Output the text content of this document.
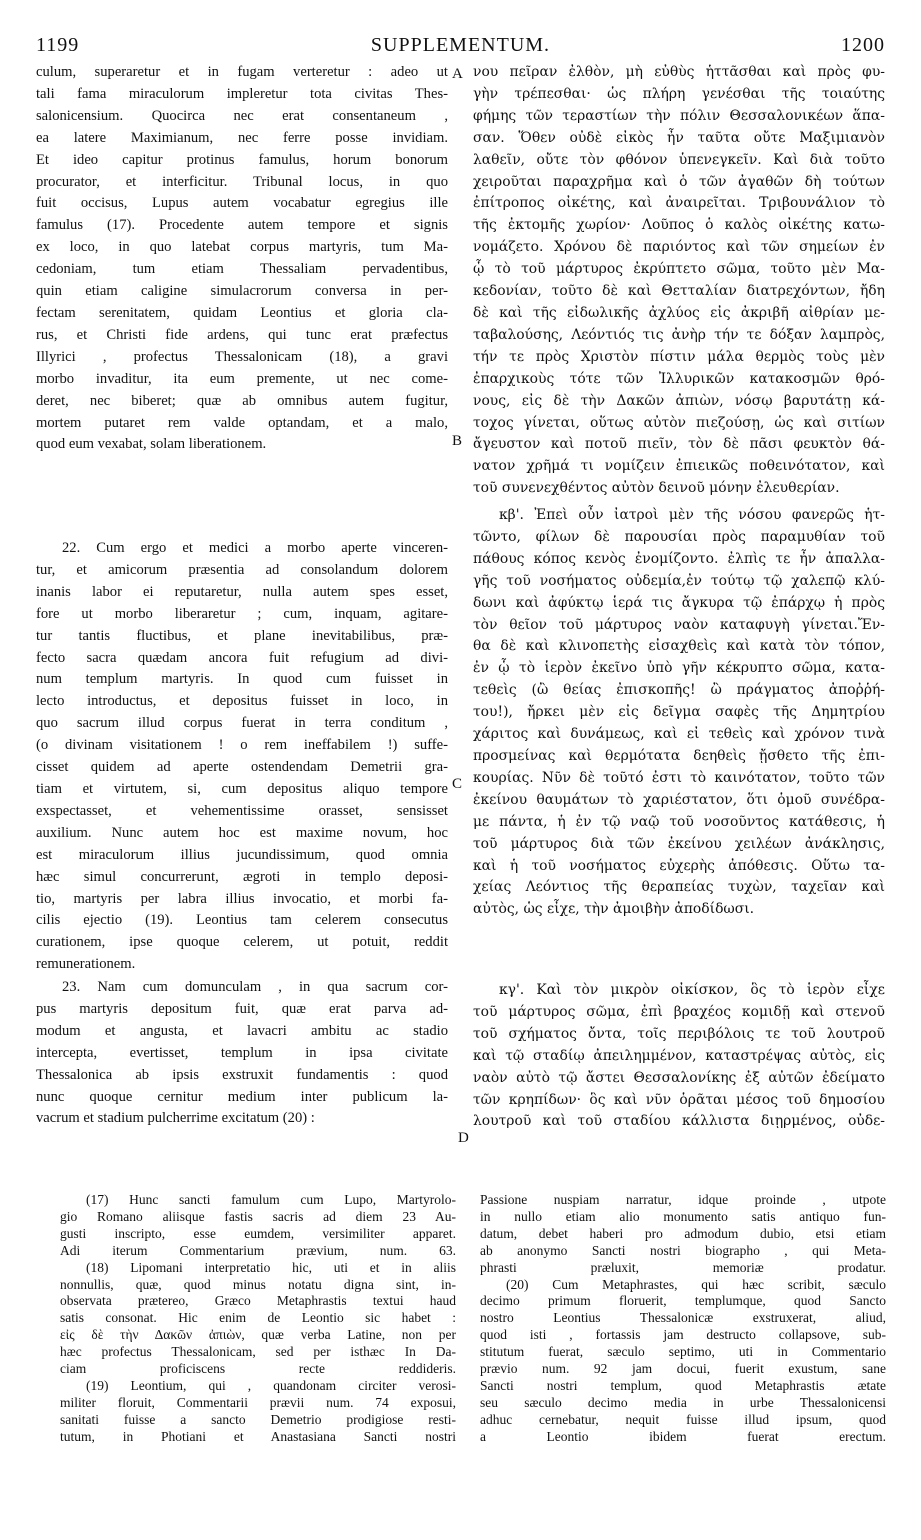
1199	SUPPLEMENTUM.	1200
culum, superaretur et in fugam verteretur : adeo ut
tali fama miraculorum impleretur tota civitas Thes-
salonicensium. Quocirca nec erat consentaneum ,
ea latere Maximianum, nec ferre posse invidiam.
Et ideo capitur protinus famulus, horum bonorum
procurator, et interficitur. Tribunal locus, in quo
fuit occisus, Lupus autem vocabatur egregius ille
famulus (17). Procedente autem tempore et signis
ex loco, in quo latebat corpus martyris, tum Ma-
cedoniam, tum etiam Thessaliam pervadentibus,
quin etiam caligine simulacrorum conversa in per-
fectam serenitatem, quidam Leontius et gloria cla-
rus, et Christi fide ardens, qui tunc erat præfectus
Illyrici , profectus Thessalonicam (18), a gravi
morbo invaditur, ita eum premente, ut nec come-
deret, nec biberet; quæ ab omnibus autem fugitur,
mortem putaret rem valde optandam, et a malo,
quod eum vexabat, solam liberationem.
22. Cum ergo et medici a morbo aperte vinceren-
tur, et amicorum præsentia ad consolandum dolorem
inanis labor ei reputaretur, nulla autem spes esset,
fore ut morbo liberaretur ; cum, inquam, agitare-
tur tantis fluctibus, et plane inevitabilibus, præ-
fecto sacra quædam ancora fuit refugium ad divi-
num templum martyris. In quod cum fuisset in
lecto introductus, et depositus fuisset in loco, in
quo sacrum illud corpus fuerat in terra conditum ,
(o divinam visitationem ! o rem ineffabilem !) suffe-
cisset quidem ad aperte ostendendam Demetrii gra-
tiam et virtutem, si, cum depositus aliquo tempore
exspectasset, et vehementissime orasset, sensisset
auxilium. Nunc autem hoc est maxime novum, hoc
est miraculorum illius jucundissimum, quod omnia
hæc simul concurrerunt, ægroti in templo deposi-
tio, martyris per labra illius invocatio, et morbi fa-
cilis ejectio (19). Leontius tam celerem consecutus
curationem, ipse quoque celerem, ut potuit, reddit
remunerationem.
23. Nam cum domunculam , in qua sacrum cor-
pus martyris depositum fuit, quæ erat parva ad-
modum et angusta, et lavacri ambitu ac stadio
intercepta, evertisset, templum in ipsa civitate
Thessalonica ab ipsis exstruxit fundamentis : quod
nunc quoque cernitur medium inter publicum la-
vacrum et stadium pulcherrime excitatum (20) :
νου πεῖραν ἐλθὸν, μὴ εὐθὺς ἡττᾶσθαι καὶ πρὸς φυ-
γὴν τρέπεσθαι· ὡς πλήρη γενέσθαι τῆς τοιαύτης
φήμης τῶν τεραστίων τὴν πόλιν Θεσσαλονικέων ἅπα-
σαν. Ὅθεν οὐδὲ εἰκὸς ἦν ταῦτα οὔτε Μαξιμιανὸν
λαθεῖν, οὔτε τὸν φθόνον ὑπενεγκεῖν. Καὶ διὰ τοῦτο
χειροῦται παραχρῆμα καὶ ὁ τῶν ἀγαθῶν δὴ τούτων
ἐπίτροπος οἰκέτης, καὶ ἀναιρεῖται. Τριβουνάλιον τὸ
τῆς ἐκτομῆς χωρίον· Λοῦπος ὁ καλὸς οἰκέτης κατω-
νομάζετο. Χρόνου δὲ παριόντος καὶ τῶν σημείων ἐν
ᾧ τὸ τοῦ μάρτυρος ἐκρύπτετο σῶμα, τοῦτο μὲν Μα-
κεδονίαν, τοῦτο δὲ καὶ Θετταλίαν διατρεχόντων, ἤδη
δὲ καὶ τῆς εἰδωλικῆς ἀχλύος εἰς ἀκριβῆ αἰθρίαν με-
ταβαλούσης, Λεόντιός τις ἀνὴρ τήν τε δόξαν λαμπρὸς,
τήν τε πρὸς Χριστὸν πίστιν μάλα θερμὸς τοὺς μὲν
ἐπαρχικοὺς τότε τῶν Ἰλλυρικῶν κατακοσμῶν θρό-
νους, εἰς δὲ τὴν Δακῶν ἀπιὼν, νόσῳ βαρυτάτῃ κά-
τοχος γίνεται, οὕτως αὐτὸν πιεζούσῃ, ὡς καὶ σιτίων
ἄγευστον καὶ ποτοῦ πιεῖν, τὸν δὲ πᾶσι φευκτὸν θά-
νατον χρῆμά τι νομίζειν ἐπιεικῶς ποθεινότατον, καὶ
τοῦ συνενεχθέντος αὐτὸν δεινοῦ μόνην ἐλευθερίαν.
κβ'. Ἐπεὶ οὖν ἰατροὶ μὲν τῆς νόσου φανερῶς ἡτ-
τῶντο, φίλων δὲ παρουσίαι πρὸς παραμυθίαν τοῦ
πάθους κόπος κενὸς ἐνομίζοντο. ἐλπὶς τε ἦν ἀπαλλα-
γῆς τοῦ νοσήματος οὐδεμία,ἐν τούτῳ τῷ χαλεπῷ κλύ-
δωνι καὶ ἀφύκτῳ ἱερά τις ἄγκυρα τῷ ἐπάρχῳ ἡ πρὸς
τὸν θεῖον τοῦ μάρτυρος ναὸν καταφυγὴ γίνεται.Ἔν-
θα δὲ καὶ κλινοπετὴς εἰσαχθεὶς καὶ κατὰ τὸν τόπον,
ἐν ᾧ τὸ ἱερὸν ἐκεῖνο ὑπὸ γῆν κέκρυπτο σῶμα, κατα-
τεθεὶς (ὢ θείας ἐπισκοπῆς! ὢ πράγματος ἀποῤῥή-
του!), ἤρκει μὲν εἰς δεῖγμα σαφὲς τῆς Δημητρίου
χάριτος καὶ δυνάμεως, καὶ εἰ τεθεὶς καὶ χρόνον τινὰ
προσμείνας καὶ θερμότατα δεηθεὶς ᾔσθετο τῆς ἐπι-
κουρίας. Νῦν δὲ τοῦτό ἐστι τὸ καινότατον, τοῦτο τῶν
ἐκείνου θαυμάτων τὸ χαριέστατον, ὅτι ὁμοῦ συνέδρα-
με πάντα, ἡ ἐν τῷ ναῷ τοῦ νοσοῦντος κατάθεσις, ἡ
τοῦ μάρτυρος διὰ τῶν ἐκείνου χειλέων ἀνάκλησις,
καὶ ἡ τοῦ νοσήματος εὐχερὴς ἀπόθεσις. Οὕτω τα-
χείας Λεόντιος τῆς θεραπείας τυχὼν, ταχεῖαν καὶ
αὐτὸς, ὡς εἶχε, τὴν ἀμοιβὴν ἀποδίδωσι.
κγ'. Καὶ τὸν μικρὸν οἰκίσκον, ὃς τὸ ἱερὸν εἶχε
τοῦ μάρτυρος σῶμα, ἐπὶ βραχέος κομιδῇ καὶ στενοῦ
τοῦ σχήματος ὄντα, τοῖς περιβόλοις τε τοῦ λουτροῦ
καὶ τῷ σταδίῳ ἀπειλημμένον, καταστρέψας αὐτὸς, εἰς
ναὸν αὐτὸ τῷ ἄστει Θεσσαλονίκης ἐξ αὐτῶν ἐδείματο
τῶν κρηπίδων· ὃς καὶ νῦν ὁρᾶται μέσος τοῦ δημοσίου
λουτροῦ καὶ τοῦ σταδίου κάλλιστα διῃρμένος, οὐδε-
A
B
C
D
(17) Hunc sancti famulum cum Lupo, Martyrolo-
gio Romano aliisque fastis sacris ad diem 23 Au-
gusti inscripto, esse eumdem, versimiliter apparet.
Adi iterum Commentarium prævium, num. 63.
(18) Lipomani interpretatio hic, uti et in aliis
nonnullis, quæ, quod minus notatu digna sint, in-
observata prætereo, Græco Metaphrastis textui haud
satis consonat. Hic enim de Leontio sic habet :
εἰς δὲ τὴν Δακῶν ἀπιὼν, quæ verba Latine, non per
hæc profectus Thessalonicam, sed per isthæc In Da-
ciam proficiscens recte reddideris.
(19) Leontium, qui , quandonam circiter verosi-
militer floruit, Commentarii prævii num. 74 exposui,
sanitati fuisse a sancto Demetrio prodigiose resti-
tutum, in Photiani et Anastasiana Sancti nostri
Passione nuspiam narratur, idque proinde , utpote
in nullo etiam alio monumento satis antiquo fun-
datum, debet haberi pro admodum dubio, etsi etiam
ab anonymo Sancti nostri biographo , qui Meta-
phrasti præluxit, memoriæ prodatur.
(20) Cum Metaphrastes, qui hæc scribit, sæculo
decimo primum floruerit, templumque, quod Sancto
nostro Leontius Thessalonicæ exstruxerat, aliud,
quod isti , fortassis jam destructo collapsove, sub-
stitutum fuerat, sæculo septimo, uti in Commentario
prævio num. 92 jam docui, fuerit exustum, sane
Sancti nostri templum, quod Metaphrastis ætate
seu sæculo decimo media in urbe Thessalonicensi
adhuc cernebatur, nequit fuisse illud ipsum, quod
a Leontio ibidem fuerat erectum.
